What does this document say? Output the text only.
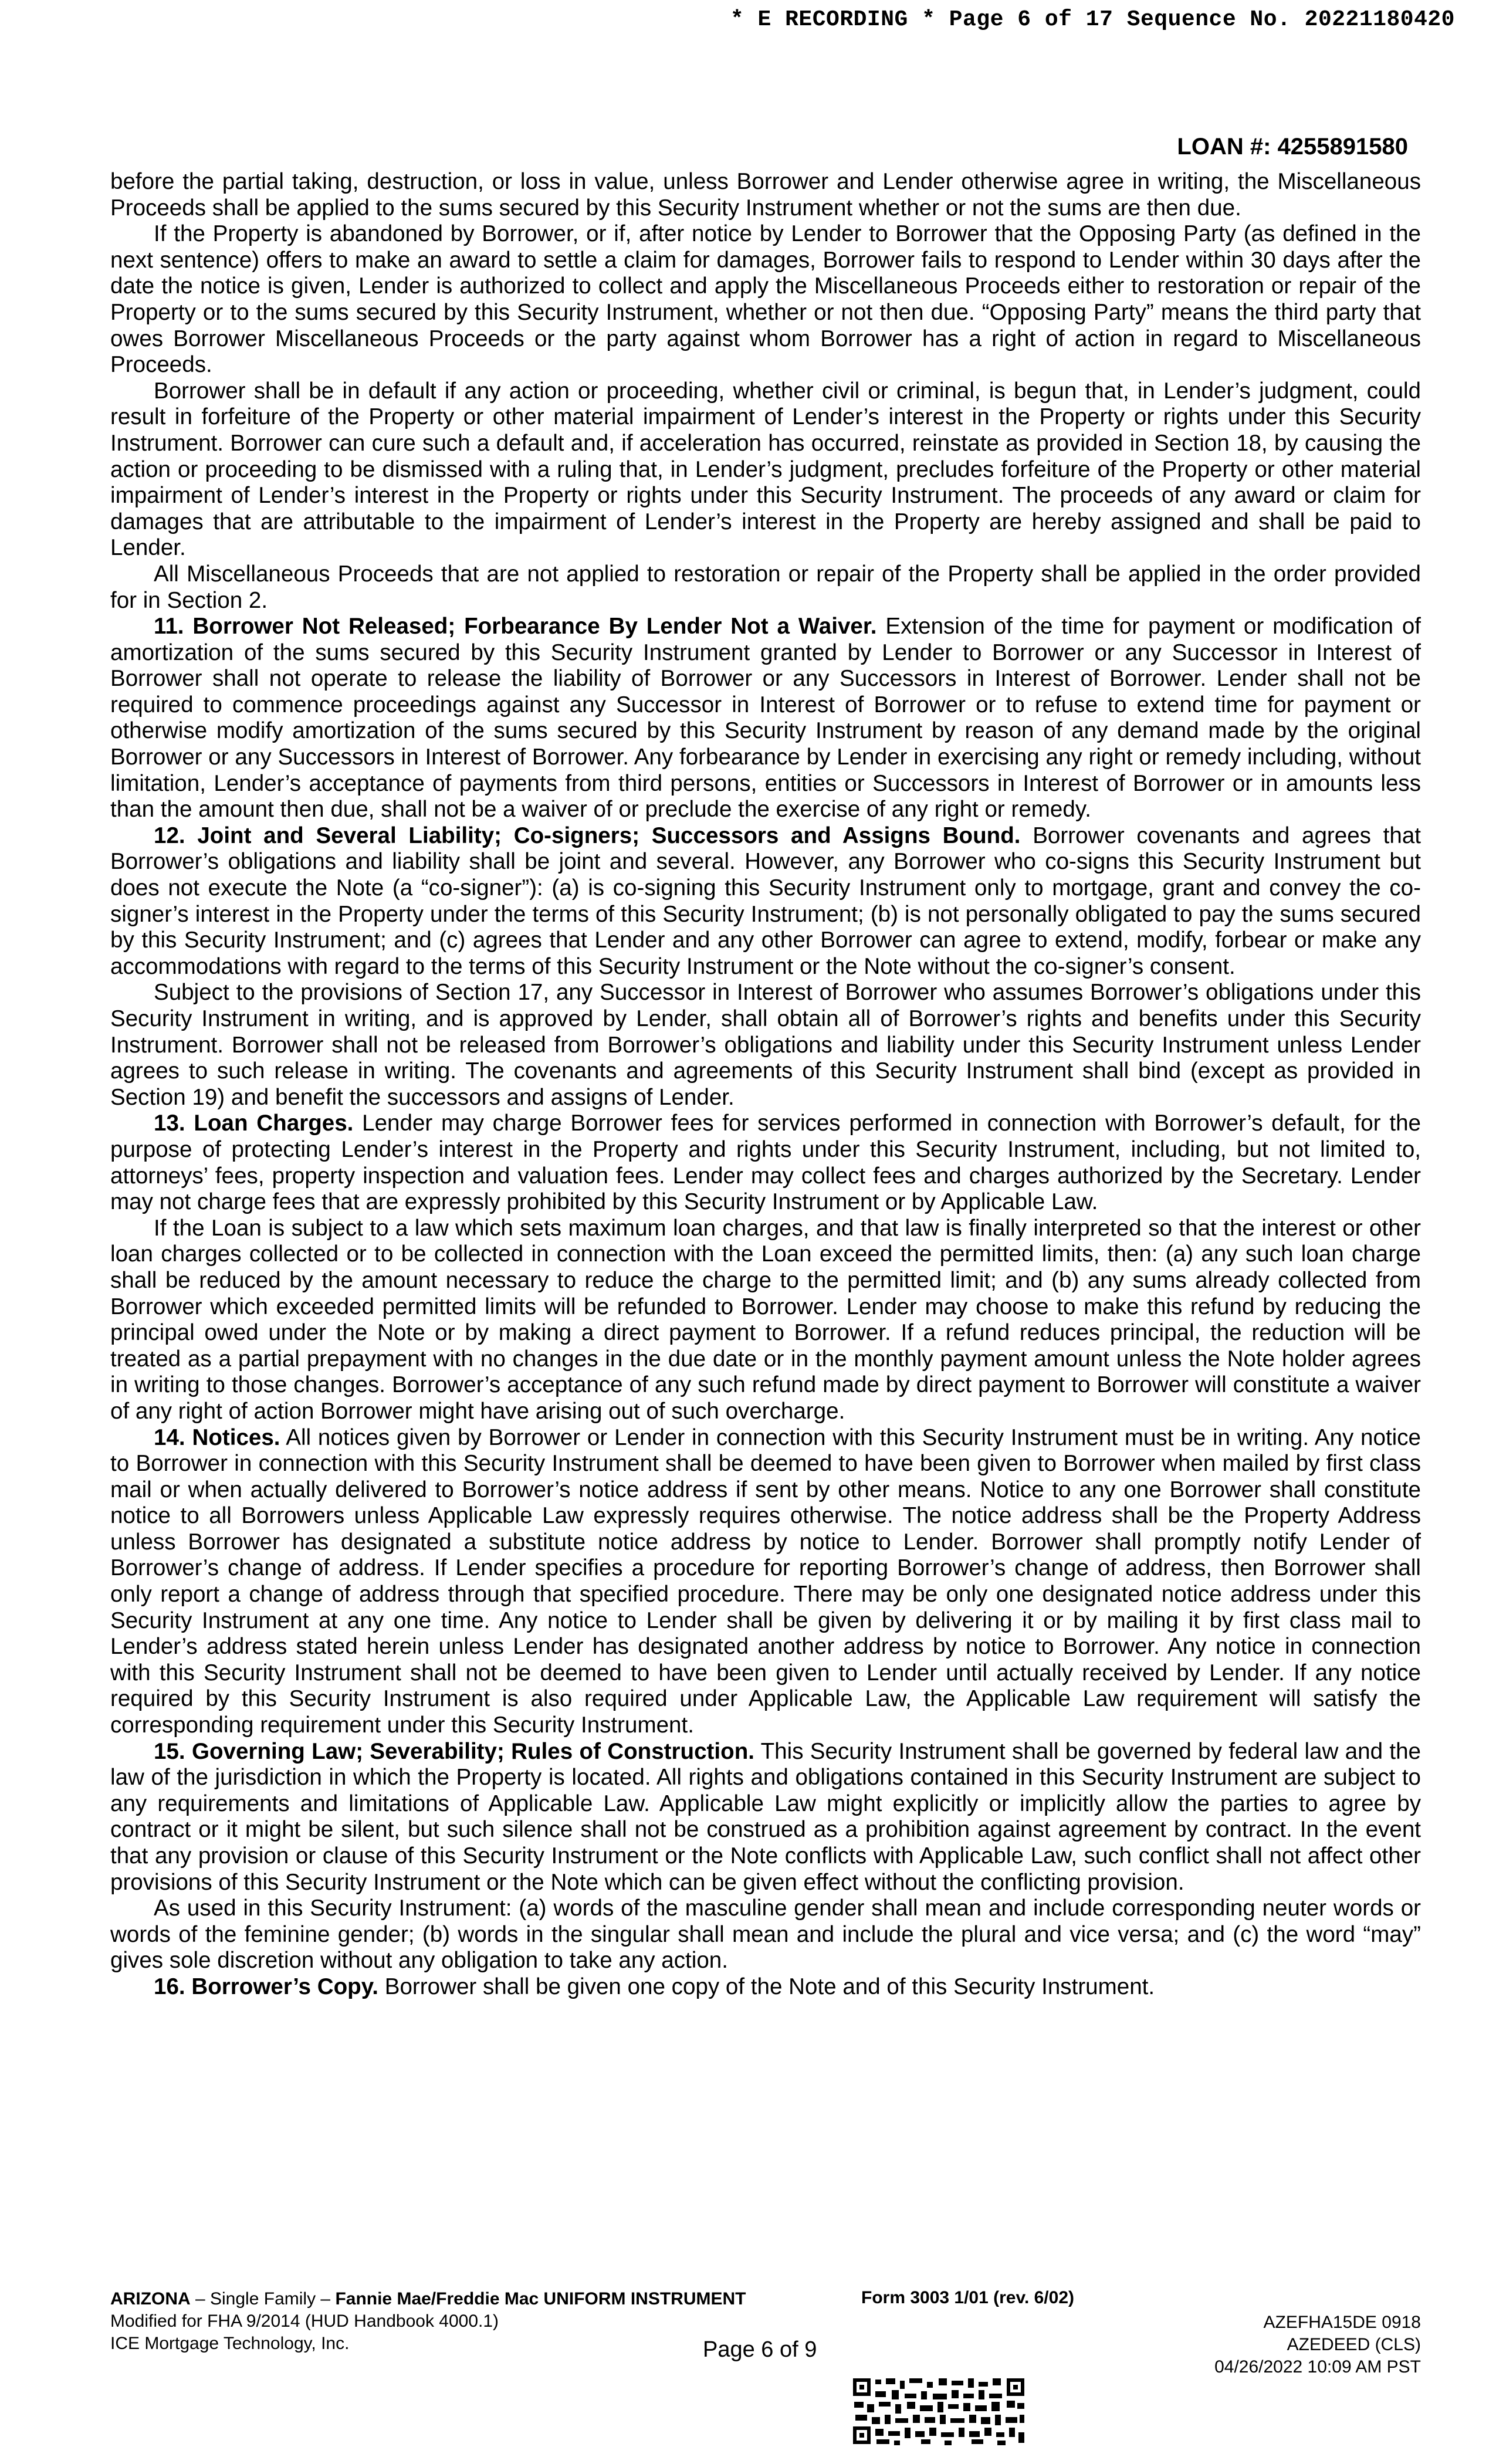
* E RECORDING * Page 6 of 17 Sequence No. 20221180420
LOAN #: 4255891580

before the partial taking, destruction, or loss in value, unless Borrower and Lender otherwise agree in writing, the Miscellaneous Proceeds shall be applied to the sums secured by this Security Instrument whether or not the sums are then due.

If the Property is abandoned by Borrower, or if, after notice by Lender to Borrower that the Opposing Party (as defined in the next sentence) offers to make an award to settle a claim for damages, Borrower fails to respond to Lender within 30 days after the date the notice is given, Lender is authorized to collect and apply the Miscellaneous Proceeds either to restoration or repair of the Property or to the sums secured by this Security Instrument, whether or not then due. “Opposing Party” means the third party that owes Borrower Miscellaneous Proceeds or the party against whom Borrower has a right of action in regard to Miscellaneous Proceeds.

Borrower shall be in default if any action or proceeding, whether civil or criminal, is begun that, in Lender’s judgment, could result in forfeiture of the Property or other material impairment of Lender’s interest in the Property or rights under this Security Instrument. Borrower can cure such a default and, if acceleration has occurred, reinstate as provided in Section 18, by causing the action or proceeding to be dismissed with a ruling that, in Lender’s judgment, precludes forfeiture of the Property or other material impairment of Lender’s interest in the Property or rights under this Security Instrument. The proceeds of any award or claim for damages that are attributable to the impairment of Lender’s interest in the Property are hereby assigned and shall be paid to Lender.

All Miscellaneous Proceeds that are not applied to restoration or repair of the Property shall be applied in the order provided for in Section 2.

11. Borrower Not Released; Forbearance By Lender Not a Waiver. Extension of the time for payment or modification of amortization of the sums secured by this Security Instrument granted by Lender to Borrower or any Successor in Interest of Borrower shall not operate to release the liability of Borrower or any Successors in Interest of Borrower. Lender shall not be required to commence proceedings against any Successor in Interest of Borrower or to refuse to extend time for payment or otherwise modify amortization of the sums secured by this Security Instrument by reason of any demand made by the original Borrower or any Successors in Interest of Borrower. Any forbearance by Lender in exercising any right or remedy including, without limitation, Lender’s acceptance of payments from third persons, entities or Successors in Interest of Borrower or in amounts less than the amount then due, shall not be a waiver of or preclude the exercise of any right or remedy.

12. Joint and Several Liability; Co-signers; Successors and Assigns Bound. Borrower covenants and agrees that Borrower’s obligations and liability shall be joint and several. However, any Borrower who co-signs this Security Instrument but does not execute the Note (a “co-signer”): (a) is co-signing this Security Instrument only to mortgage, grant and convey the co-signer’s interest in the Property under the terms of this Security Instrument; (b) is not personally obligated to pay the sums secured by this Security Instrument; and (c) agrees that Lender and any other Borrower can agree to extend, modify, forbear or make any accommodations with regard to the terms of this Security Instrument or the Note without the co-signer’s consent.

Subject to the provisions of Section 17, any Successor in Interest of Borrower who assumes Borrower’s obligations under this Security Instrument in writing, and is approved by Lender, shall obtain all of Borrower’s rights and benefits under this Security Instrument. Borrower shall not be released from Borrower’s obligations and liability under this Security Instrument unless Lender agrees to such release in writing. The covenants and agreements of this Security Instrument shall bind (except as provided in Section 19) and benefit the successors and assigns of Lender.

13. Loan Charges. Lender may charge Borrower fees for services performed in connection with Borrower’s default, for the purpose of protecting Lender’s interest in the Property and rights under this Security Instrument, including, but not limited to, attorneys’ fees, property inspection and valuation fees. Lender may collect fees and charges authorized by the Secretary. Lender may not charge fees that are expressly prohibited by this Security Instrument or by Applicable Law.

If the Loan is subject to a law which sets maximum loan charges, and that law is finally interpreted so that the interest or other loan charges collected or to be collected in connection with the Loan exceed the permitted limits, then: (a) any such loan charge shall be reduced by the amount necessary to reduce the charge to the permitted limit; and (b) any sums already collected from Borrower which exceeded permitted limits will be refunded to Borrower. Lender may choose to make this refund by reducing the principal owed under the Note or by making a direct payment to Borrower. If a refund reduces principal, the reduction will be treated as a partial prepayment with no changes in the due date or in the monthly payment amount unless the Note holder agrees in writing to those changes. Borrower’s acceptance of any such refund made by direct payment to Borrower will constitute a waiver of any right of action Borrower might have arising out of such overcharge.

14. Notices. All notices given by Borrower or Lender in connection with this Security Instrument must be in writing. Any notice to Borrower in connection with this Security Instrument shall be deemed to have been given to Borrower when mailed by first class mail or when actually delivered to Borrower’s notice address if sent by other means. Notice to any one Borrower shall constitute notice to all Borrowers unless Applicable Law expressly requires otherwise. The notice address shall be the Property Address unless Borrower has designated a substitute notice address by notice to Lender. Borrower shall promptly notify Lender of Borrower’s change of address. If Lender specifies a procedure for reporting Borrower’s change of address, then Borrower shall only report a change of address through that specified procedure. There may be only one designated notice address under this Security Instrument at any one time. Any notice to Lender shall be given by delivering it or by mailing it by first class mail to Lender’s address stated herein unless Lender has designated another address by notice to Borrower. Any notice in connection with this Security Instrument shall not be deemed to have been given to Lender until actually received by Lender. If any notice required by this Security Instrument is also required under Applicable Law, the Applicable Law requirement will satisfy the corresponding requirement under this Security Instrument.

15. Governing Law; Severability; Rules of Construction. This Security Instrument shall be governed by federal law and the law of the jurisdiction in which the Property is located. All rights and obligations contained in this Security Instrument are subject to any requirements and limitations of Applicable Law. Applicable Law might explicitly or implicitly allow the parties to agree by contract or it might be silent, but such silence shall not be construed as a prohibition against agreement by contract. In the event that any provision or clause of this Security Instrument or the Note conflicts with Applicable Law, such conflict shall not affect other provisions of this Security Instrument or the Note which can be given effect without the conflicting provision.

As used in this Security Instrument: (a) words of the masculine gender shall mean and include corresponding neuter words or words of the feminine gender; (b) words in the singular shall mean and include the plural and vice versa; and (c) the word “may” gives sole discretion without any obligation to take any action.

16. Borrower’s Copy. Borrower shall be given one copy of the Note and of this Security Instrument.

ARIZONA – Single Family – Fannie Mae/Freddie Mac UNIFORM INSTRUMENT
Modified for FHA 9/2014 (HUD Handbook 4000.1)
ICE Mortgage Technology, Inc.
Form 3003 1/01 (rev. 6/02)
Page 6 of 9
AZEFHA15DE 0918
AZEDEED (CLS)
04/26/2022 10:09 AM PST
